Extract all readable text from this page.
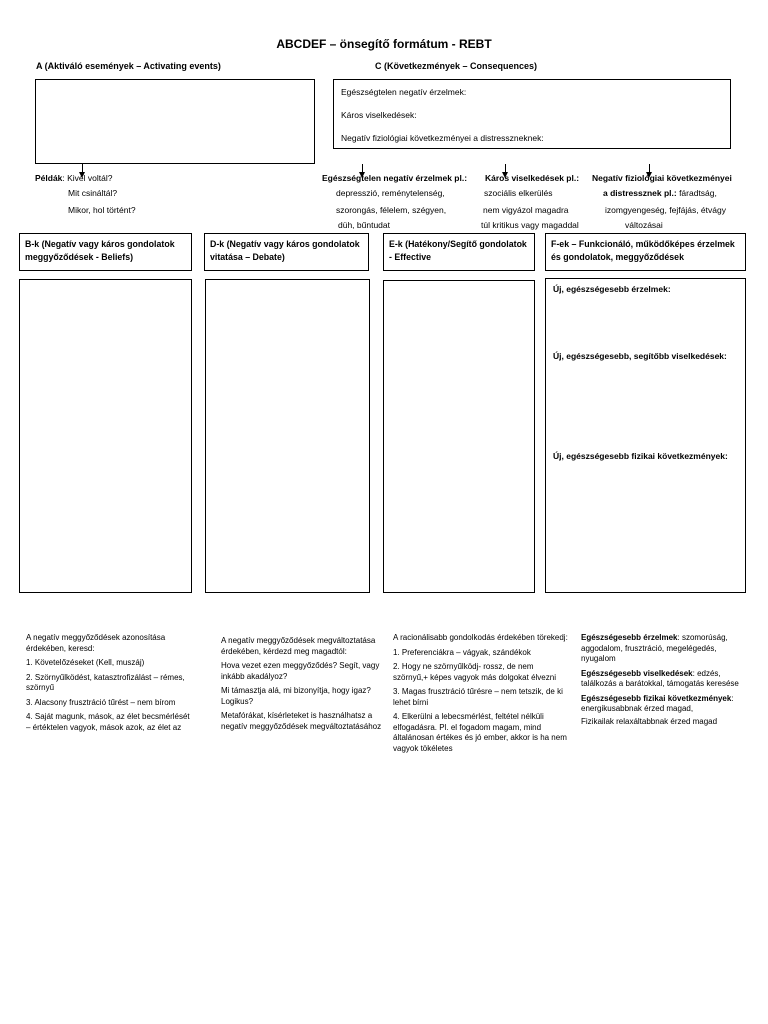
ABCDEF – önsegítő formátum - REBT
A (Aktiváló események – Activating events)	C (Következmények – Consequences)
Egészségtelen negatív érzelmek:
Káros viselkedések:
Negatív fiziológiai következményei a distresszneknek:
Példák: Kivel voltál?
Mit csináltál?
Mikor, hol történt?
Egészségtelen negatív érzelmek pl.:
depresszió, reménytelenség,
szorongás, félelem, szégyen,
düh, bűntudat
Káros viselkedések pl.:
szociális elkerülés
nem vigyázol magadra
túl kritikus vagy magaddal
Negatív fiziológiai következményei
a distressznek pl.: fáradtság,
izomgyengeség, fejfájás, étvágy
változásai
B-k (Negatív vagy káros gondolatok meggyőződések - Beliefs)
D-k (Negatív vagy káros gondolatok vitatása – Debate)
E-k (Hatékony/Segítő gondolatok - Effective
F-ek – Funkcionáló, működőképes érzelmek és gondolatok, meggyőződések
Új, egészségesebb érzelmek:
Új, egészségesebb, segítőbb viselkedések:
Új, egészségesebb fizikai következmények:

A negatív meggyőződések azonosítása érdekében, keresd:

1. Követelőzéseket (Kell, muszáj)

2. Szörnyűlködést, katasztrofizálást – rémes, szörnyű

3. Alacsony frusztráció tűrést – nem bírom

4. Saját magunk, mások, az élet becsmérlését – értéktelen vagyok, mások azok, az élet az

A negatív meggyőződések megváltoztatása érdekében, kérdezd meg magadtól:

Hova vezet ezen meggyőződés? Segít, vagy inkább akadályoz?

Mi támasztja alá, mi bizonyítja, hogy igaz? Logikus?

Metafórákat, kísérleteket is használhatsz a negatív meggyőződések megváltoztatásához

A racionálisabb gondolkodás érdekében törekedj:

1. Preferenciákra – vágyak, szándékok

2. Hogy ne szörnyűlködj- rossz, de nem szörnyű,+ képes vagyok más dolgokat élvezni

3. Magas frusztráció tűrésre – nem tetszik, de ki lehet bírni

4. Elkerülni a lebecsmérlést, feltétel nélküli elfogadásra. Pl. el fogadom magam, mind általánosan értékes és jó ember, akkor is ha nem vagyok tökéletes

Egészségesebb érzelmek: szomorúság, aggodalom, frusztráció, megelégedés, nyugalom

Egészségesebb viselkedések: edzés, találkozás a barátokkal, támogatás keresése

Egészségesebb fizikai következmények: energikusabbnak érzed magad,

Fizikailak relaxáltabbnak érzed magad
